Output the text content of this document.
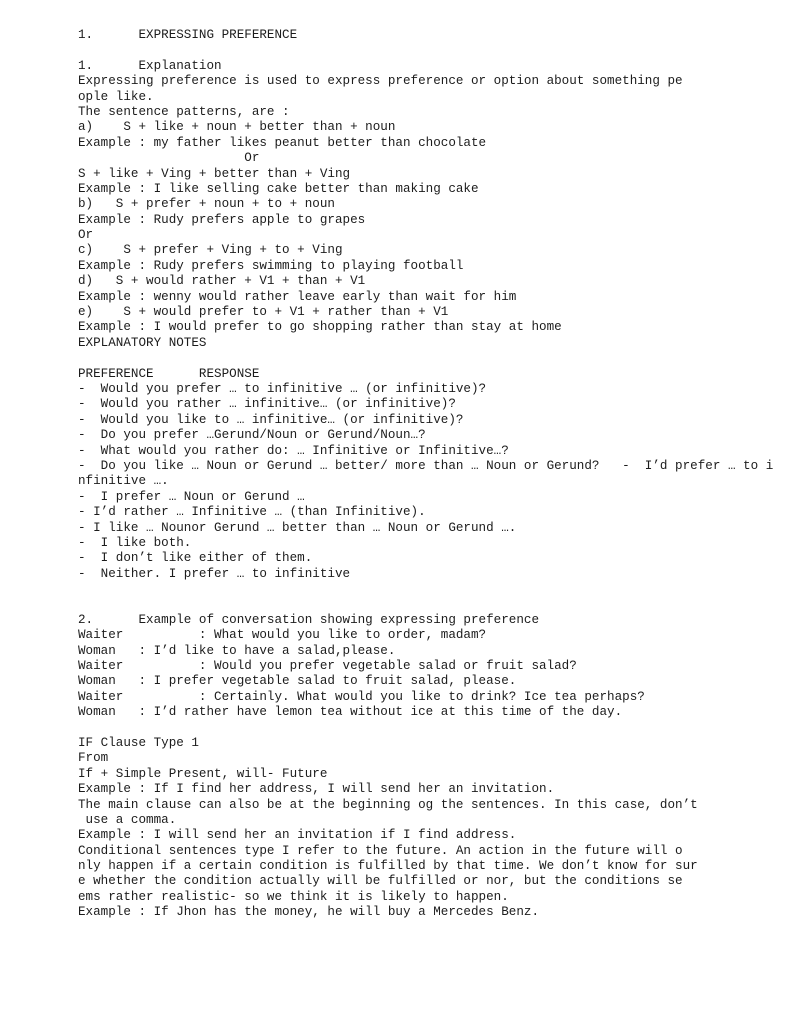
1.      EXPRESSING PREFERENCE
1.      Explanation
Expressing preference is used to express preference or option about something pe
ople like.
The sentence patterns, are :
a)    S + like + noun + better than + noun
Example : my father likes peanut better than chocolate
Or
S + like + Ving + better than + Ving
Example : I like selling cake better than making cake
b)   S + prefer + noun + to + noun
Example : Rudy prefers apple to grapes
Or
c)    S + prefer + Ving + to + Ving
Example : Rudy prefers swimming to playing football
d)   S + would rather + V1 + than + V1
Example : wenny would rather leave early than wait for him
e)    S + would prefer to + V1 + rather than + V1
Example : I would prefer to go shopping rather than stay at home
EXPLANATORY NOTES
PREFERENCE      RESPONSE
-  Would you prefer … to infinitive … (or infinitive)?
-  Would you rather … infinitive… (or infinitive)?
-  Would you like to … infinitive… (or infinitive)?
-  Do you prefer …Gerund/Noun or Gerund/Noun…?
-  What would you rather do: … Infinitive or Infinitive…?
-  Do you like … Noun or Gerund … better/ more than … Noun or Gerund?   -  I’d prefer … to i
nfinitive ….
-  I prefer … Noun or Gerund …
- I’d rather … Infinitive … (than Infinitive).
- I like … Nounor Gerund … better than … Noun or Gerund ….
-  I like both.
-  I don’t like either of them.
-  Neither. I prefer … to infinitive
2.      Example of conversation showing expressing preference
Waiter          : What would you like to order, madam?
Woman   : I’d like to have a salad,please.
Waiter          : Would you prefer vegetable salad or fruit salad?
Woman   : I prefer vegetable salad to fruit salad, please.
Waiter          : Certainly. What would you like to drink? Ice tea perhaps?
Woman   : I’d rather have lemon tea without ice at this time of the day.
IF Clause Type 1
From
If + Simple Present, will- Future
Example : If I find her address, I will send her an invitation.
The main clause can also be at the beginning og the sentences. In this case, don’t
use a comma.
Example : I will send her an invitation if I find address.
Conditional sentences type I refer to the future. An action in the future will o
nly happen if a certain condition is fulfilled by that time. We don’t know for sur
e whether the condition actually will be fulfilled or nor, but the conditions se
ems rather realistic- so we think it is likely to happen.
Example : If Jhon has the money, he will buy a Mercedes Benz.
